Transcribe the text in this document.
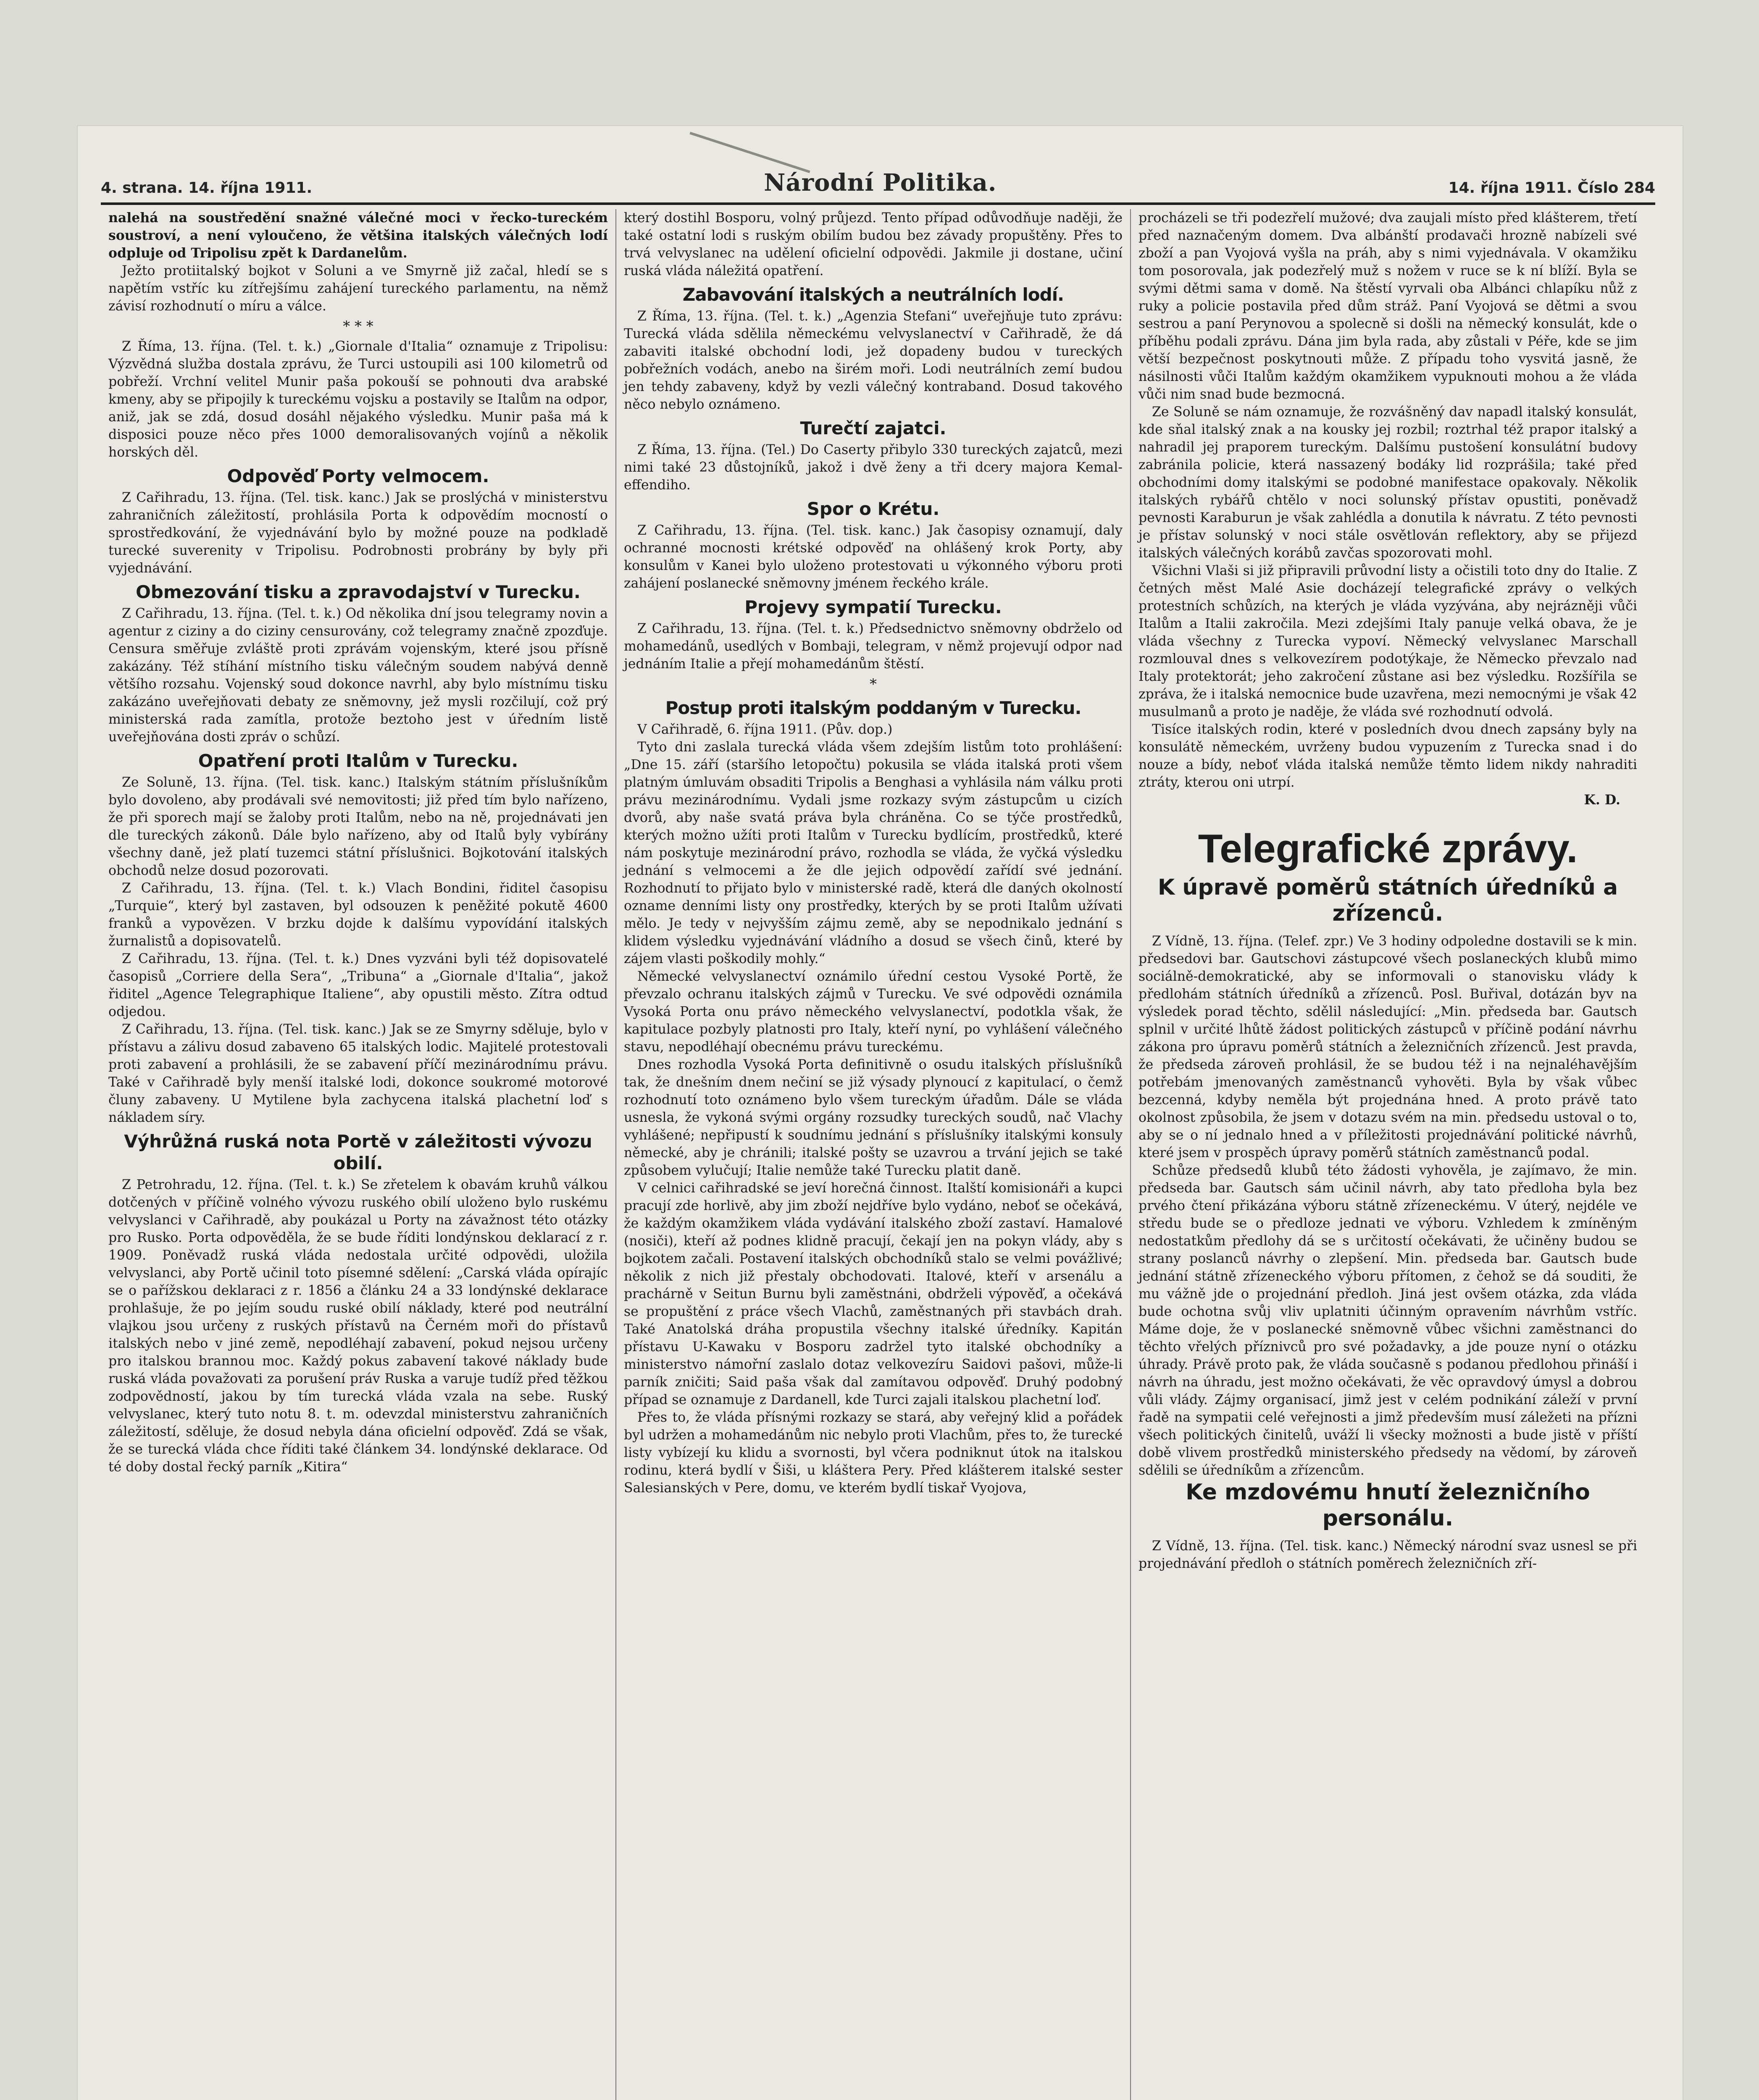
4. strana. 14. října 1911.	Národní Politika.	14. října 1911. Číslo 284

nalehá na soustředění snažné válečné moci v řecko-tureckém soustroví, a není vyloučeno, že většina italských válečných lodí odpluje od Tripolisu zpět k Dardanelům.

Ježto protiitalský bojkot v Soluni a ve Smyrně již začal, hledí se s napětím vstříc ku zítřejšímu zahájení tureckého parlamentu, na němž závisí rozhodnutí o míru a válce.

* * *

Z Říma, 13. října. (Tel. t. k.) „Giornale d'Italia“ oznamuje z Tripolisu: Výzvědná služba dostala zprávu, že Turci ustoupili asi 100 kilometrů od pobřeží. Vrchní velitel Munir paša pokouší se pohnouti dva arabské kmeny, aby se připojily k tureckému vojsku a postavily se Italům na odpor, aniž, jak se zdá, dosud dosáhl nějakého výsledku. Munir paša má k disposici pouze něco přes 1000 demoralisovaných vojínů a několik horských děl.

Odpověď Porty velmocem.

Z Cařihradu, 13. října. (Tel. tisk. kanc.) Jak se proslýchá v ministerstvu zahraničních záležitostí, prohlásila Porta k odpovědím mocností o sprostředkování, že vyjednávání bylo by možné pouze na podkladě turecké suverenity v Tripolisu. Podrobnosti probrány by byly při vyjednávání.

Obmezování tisku a zpravodajství v Turecku.

Z Cařihradu, 13. října. (Tel. t. k.) Od několika dní jsou telegramy novin a agentur z ciziny a do ciziny censurovány, což telegramy značně zpozďuje. Censura směřuje zvláště proti zprávám vojenským, které jsou přísně zakázány. Též stíhání místního tisku válečným soudem nabývá denně většího rozsahu. Vojenský soud dokonce navrhl, aby bylo místnímu tisku zakázáno uveřejňovati debaty ze sněmovny, jež mysli rozčilují, což prý ministerská rada zamítla, protože beztoho jest v úředním listě uveřejňována dosti zpráv o schůzí.

Opatření proti Italům v Turecku.

Ze Soluně, 13. října. (Tel. tisk. kanc.) Italským státním příslušníkům bylo dovoleno, aby prodávali své nemovitosti; již před tím bylo nařízeno, že při sporech mají se žaloby proti Italům, nebo na ně, projednávati jen dle tureckých zákonů. Dále bylo nařízeno, aby od Italů byly vybírány všechny daně, jež platí tuzemci státní příslušnici. Bojkotování italských obchodů nelze dosud pozorovati.

Z Cařihradu, 13. října. (Tel. t. k.) Vlach Bondini, řiditel časopisu „Turquie“, který byl zastaven, byl odsouzen k peněžité pokutě 4600 franků a vypovězen. V brzku dojde k dalšímu vypovídání italských žurnalistů a dopisovatelů.

Z Cařihradu, 13. října. (Tel. t. k.) Dnes vyzváni byli též dopisovatelé časopisů „Corriere della Sera“, „Tribuna“ a „Giornale d'Italia“, jakož řiditel „Agence Telegraphique Italiene“, aby opustili město. Zítra odtud odjedou.

Z Cařihradu, 13. října. (Tel. tisk. kanc.) Jak se ze Smyrny sděluje, bylo v přístavu a zálivu dosud zabaveno 65 italských lodic. Majitelé protestovali proti zabavení a prohlásili, že se zabavení příčí mezinárodnímu právu. Také v Cařihradě byly menší italské lodi, dokonce soukromé motorové čluny zabaveny. U Mytilene byla zachycena italská plachetní loď s nákladem síry.

Výhrůžná ruská nota Portě v záležitosti vývozu obilí.

Z Petrohradu, 12. října. (Tel. t. k.) Se zřetelem k obavám kruhů válkou dotčených v příčině volného vývozu ruského obilí uloženo bylo ruskému velvyslanci v Cařihradě, aby poukázal u Porty na závažnost této otázky pro Rusko. Porta odpověděla, že se bude říditi londýnskou deklarací z r. 1909. Poněvadž ruská vláda nedostala určité odpovědi, uložila velvyslanci, aby Portě učinil toto písemné sdělení: „Carská vláda opírajíc se o pařížskou deklaraci z r. 1856 a článku 24 a 33 londýnské deklarace prohlašuje, že po jejím soudu ruské obilí náklady, které pod neutrální vlajkou jsou určeny z ruských přístavů na Černém moři do přístavů italských nebo v jiné země, nepodléhají zabavení, pokud nejsou určeny pro italskou brannou moc. Každý pokus zabavení takové náklady bude ruská vláda považovati za porušení práv Ruska a varuje tudíž před těžkou zodpovědností, jakou by tím turecká vláda vzala na sebe. Ruský velvyslanec, který tuto notu 8. t. m. odevzdal ministerstvu zahraničních záležitostí, sděluje, že dosud nebyla dána oficielní odpověď. Zdá se však, že se turecká vláda chce říditi také článkem 34. londýnské deklarace. Od té doby dostal řecký parník „Kitira“

který dostihl Bosporu, volný průjezd. Tento případ odůvodňuje naději, že také ostatní lodi s ruským obilím budou bez závady propuštěny. Přes to trvá velvyslanec na udělení oficielní odpovědi. Jakmile ji dostane, učiní ruská vláda náležitá opatření.

Zabavování italských a neutrálních lodí.

Z Říma, 13. října. (Tel. t. k.) „Agenzia Stefani“ uveřejňuje tuto zprávu: Turecká vláda sdělila německému velvyslanectví v Cařihradě, že dá zabaviti italské obchodní lodi, jež dopadeny budou v tureckých pobřežních vodách, anebo na širém moři. Lodi neutrálních zemí budou jen tehdy zabaveny, když by vezli válečný kontraband. Dosud takového něco nebylo oznámeno.

Turečtí zajatci.

Z Říma, 13. října. (Tel.) Do Caserty přibylo 330 tureckých zajatců, mezi nimi také 23 důstojníků, jakož i dvě ženy a tři dcery majora Kemal-effendiho.

Spor o Krétu.

Z Cařihradu, 13. října. (Tel. tisk. kanc.) Jak časopisy oznamují, daly ochranné mocnosti krétské odpověď na ohlášený krok Porty, aby konsulům v Kanei bylo uloženo protestovati u výkonného výboru proti zahájení poslanecké sněmovny jménem řeckého krále.

Projevy sympatií Turecku.

Z Cařihradu, 13. října. (Tel. t. k.) Předsednictvo sněmovny obdrželo od mohamedánů, usedlých v Bombaji, telegram, v němž projevují odpor nad jednáním Italie a přejí mohamedánům štěstí.

*
Postup proti italským poddaným v Turecku.

V Cařihradě, 6. října 1911. (Pův. dop.)

Tyto dni zaslala turecká vláda všem zdejším listům toto prohlášení: „Dne 15. září (staršího letopočtu) pokusila se vláda italská proti všem platným úmluvám obsaditi Tripolis a Benghasi a vyhlásila nám válku proti právu mezinárodnímu. Vydali jsme rozkazy svým zástupcům u cizích dvorů, aby naše svatá práva byla chráněna. Co se týče prostředků, kterých možno užíti proti Italům v Turecku bydlícím, prostředků, které nám poskytuje mezinárodní právo, rozhodla se vláda, že vyčká výsledku jednání s velmocemi a že dle jejich odpovědí zařídí své jednání. Rozhodnutí to přijato bylo v ministerské radě, která dle daných okolností ozname denními listy ony prostředky, kterých by se proti Italům užívati mělo. Je tedy v nejvyšším zájmu země, aby se nepodnikalo jednání s klidem výsledku vyjednávání vládního a dosud se všech činů, které by zájem vlasti poškodily mohly.“

Německé velvyslanectví oznámilo úřední cestou Vysoké Portě, že převzalo ochranu italských zájmů v Turecku. Ve své odpovědi oznámila Vysoká Porta onu právo německého velvyslanectví, podotkla však, že kapitulace pozbyly platnosti pro Italy, kteří nyní, po vyhlášení válečného stavu, nepodléhají obecnému právu tureckému.

Dnes rozhodla Vysoká Porta definitivně o osudu italských příslušníků tak, že dnešním dnem nečiní se již výsady plynoucí z kapitulací, o čemž rozhodnutí toto oznámeno bylo všem tureckým úřadům. Dále se vláda usnesla, že vykoná svými orgány rozsudky tureckých soudů, nač Vlachy vyhlášené; nepřipustí k soudnímu jednání s příslušníky italskými konsuly německé, aby je chránili; italské pošty se uzavrou a trvání jejich se také způsobem vylučují; Italie nemůže také Turecku platit daně.

V celnici cařihradské se jeví horečná činnost. Italští komisionáři a kupci pracují zde horlivě, aby jim zboží nejdříve bylo vydáno, neboť se očekává, že každým okamžikem vláda vydávání italského zboží zastaví. Hamalové (nosiči), kteří až podnes klidně pracují, čekají jen na pokyn vlády, aby s bojkotem začali. Postavení italských obchodníků stalo se velmi povážlivé; několik z nich již přestaly obchodovati. Italové, kteří v arsenálu a prachárně v Seitun Burnu byli zaměstnáni, obdrželi výpověď, a očekává se propuštění z práce všech Vlachů, zaměstnaných při stavbách drah. Také Anatolská dráha propustila všechny italské úředníky. Kapitán přístavu U-Kawaku v Bosporu zadržel tyto italské obchodníky a ministerstvo námořní zaslalo dotaz velkovezíru Saidovi pašovi, může-li parník zničiti; Said paša však dal zamítavou odpověď. Druhý podobný případ se oznamuje z Dardanell, kde Turci zajali italskou plachetní loď.

Přes to, že vláda přísnými rozkazy se stará, aby veřejný klid a pořádek byl udržen a mohamedánům nic nebylo proti Vlachům, přes to, že turecké listy vybízejí ku klidu a svornosti, byl včera podniknut útok na italskou rodinu, která bydlí v Šiši, u kláštera Pery. Před klášterem italské sester Salesianských v Pere, domu, ve kterém bydlí tiskař Vyojova,

procházeli se tři podezřelí mužové; dva zaujali místo před klášterem, třetí před naznačeným domem. Dva albánští prodavači hrozně nabízeli své zboží a pan Vyojová vyšla na práh, aby s nimi vyjednávala. V okamžiku tom posorovala, jak podezřelý muž s nožem v ruce se k ní blíží. Byla se svými dětmi sama v domě. Na štěstí vyrvali oba Albánci chlapíku nůž z ruky a policie postavila před dům stráž. Paní Vyojová se dětmi a svou sestrou a paní Perynovou a spolecně si došli na německý konsulát, kde o příběhu podali zprávu. Dána jim byla rada, aby zůstali v Péře, kde se jim větší bezpečnost poskytnouti může. Z případu toho vysvitá jasně, že násilnosti vůči Italům každým okamžikem vypuknouti mohou a že vláda vůči nim snad bude bezmocná.

Ze Soluně se nám oznamuje, že rozvášněný dav napadl italský konsulát, kde sňal italský znak a na kousky jej rozbil; roztrhal též prapor italský a nahradil jej praporem tureckým. Dalšímu pustošení konsulátní budovy zabránila policie, která nassazený bodáky lid rozprášila; také před obchodními domy italskými se podobné manifestace opakovaly. Několik italských rybářů chtělo v noci solunský přístav opustiti, poněvadž pevnosti Karaburun je však zahlédla a donutila k návratu. Z této pevnosti je přístav solunský v noci stále osvětlován reflektory, aby se přijezd italských válečných korábů zavčas spozorovati mohl.

Všichni Vlaši si již připravili průvodní listy a očistili toto dny do Italie. Z četných měst Malé Asie docházejí telegrafické zprávy o velkých protestních schůzích, na kterých je vláda vyzývána, aby nejrázněji vůči Italům a Italii zakročila. Mezi zdejšími Italy panuje velká obava, že je vláda všechny z Turecka vypoví. Německý velvyslanec Marschall rozmlouval dnes s velkovezírem podotýkaje, že Německo převzalo nad Italy protektorát; jeho zakročení zůstane asi bez výsledku. Rozšířila se zpráva, že i italská nemocnice bude uzavřena, mezi nemocnými je však 42 musulmanů a proto je naděje, že vláda své rozhodnutí odvolá.

Tisíce italských rodin, které v posledních dvou dnech zapsány byly na konsulátě německém, uvrženy budou vypuzením z Turecka snad i do nouze a bídy, neboť vláda italská nemůže těmto lidem nikdy nahraditi ztráty, kterou oni utrpí.

K. D.
Telegrafické zprávy.
K úpravě poměrů státních úředníků a zřízenců.

Z Vídně, 13. října. (Telef. zpr.) Ve 3 hodiny odpoledne dostavili se k min. předsedovi bar. Gautschovi zástupcové všech poslaneckých klubů mimo sociálně-demokratické, aby se informovali o stanovisku vlády k předlohám státních úředníků a zřízenců. Posl. Buřival, dotázán byv na výsledek porad těchto, sdělil následující: „Min. předseda bar. Gautsch splnil v určité lhůtě žádost politických zástupců v příčině podání návrhu zákona pro úpravu poměrů státních a železničních zřízenců. Jest pravda, že předseda zároveň prohlásil, že se budou též i na nejnaléhavějším potřebám jmenovaných zaměstnanců vyhověti. Byla by však vůbec bezcenná, kdyby neměla být projednána hned. A proto právě tato okolnost způsobila, že jsem v dotazu svém na min. předsedu ustoval o to, aby se o ní jednalo hned a v příležitosti projednávání politické návrhů, které jsem v prospěch úpravy poměrů státních zaměstnanců podal.

Schůze předsedů klubů této žádosti vyhověla, je zajímavo, že min. předseda bar. Gautsch sám učinil návrh, aby tato předloha byla bez prvého čtení přikázána výboru státně zřízeneckému. V úterý, nejdéle ve středu bude se o předloze jednati ve výboru. Vzhledem k zmíněným nedostatkům předlohy dá se s určitostí očekávati, že učiněny budou se strany poslanců návrhy o zlepšení. Min. předseda bar. Gautsch bude jednání státně zřízeneckého výboru přítomen, z čehož se dá souditi, že mu vážně jde o projednání předloh. Jiná jest ovšem otázka, zda vláda bude ochotna svůj vliv uplatniti účinným opravením návrhům vstříc. Máme doje, že v poslanecké sněmovně vůbec všichni zaměstnanci do těchto vřelých příznivců pro své požadavky, a jde pouze nyní o otázku úhrady. Právě proto pak, že vláda současně s podanou předlohou přináší i návrh na úhradu, jest možno očekávati, že věc opravdový úmysl a dobrou vůli vlády. Zájmy organisací, jimž jest v celém podnikání záleží v první řadě na sympatii celé veřejnosti a jimž především musí záležeti na přízni všech politických činitelů, uváží li všecky možnosti a bude jistě v příští době vlivem prostředků ministerského předsedy na vědomí, by zároveň sdělili se úředníkům a zřízencům.

Ke mzdovému hnutí železničního personálu.

Z Vídně, 13. října. (Tel. tisk. kanc.) Německý národní svaz usnesl se při projednávání předloh o státních poměrech železničních zří-
